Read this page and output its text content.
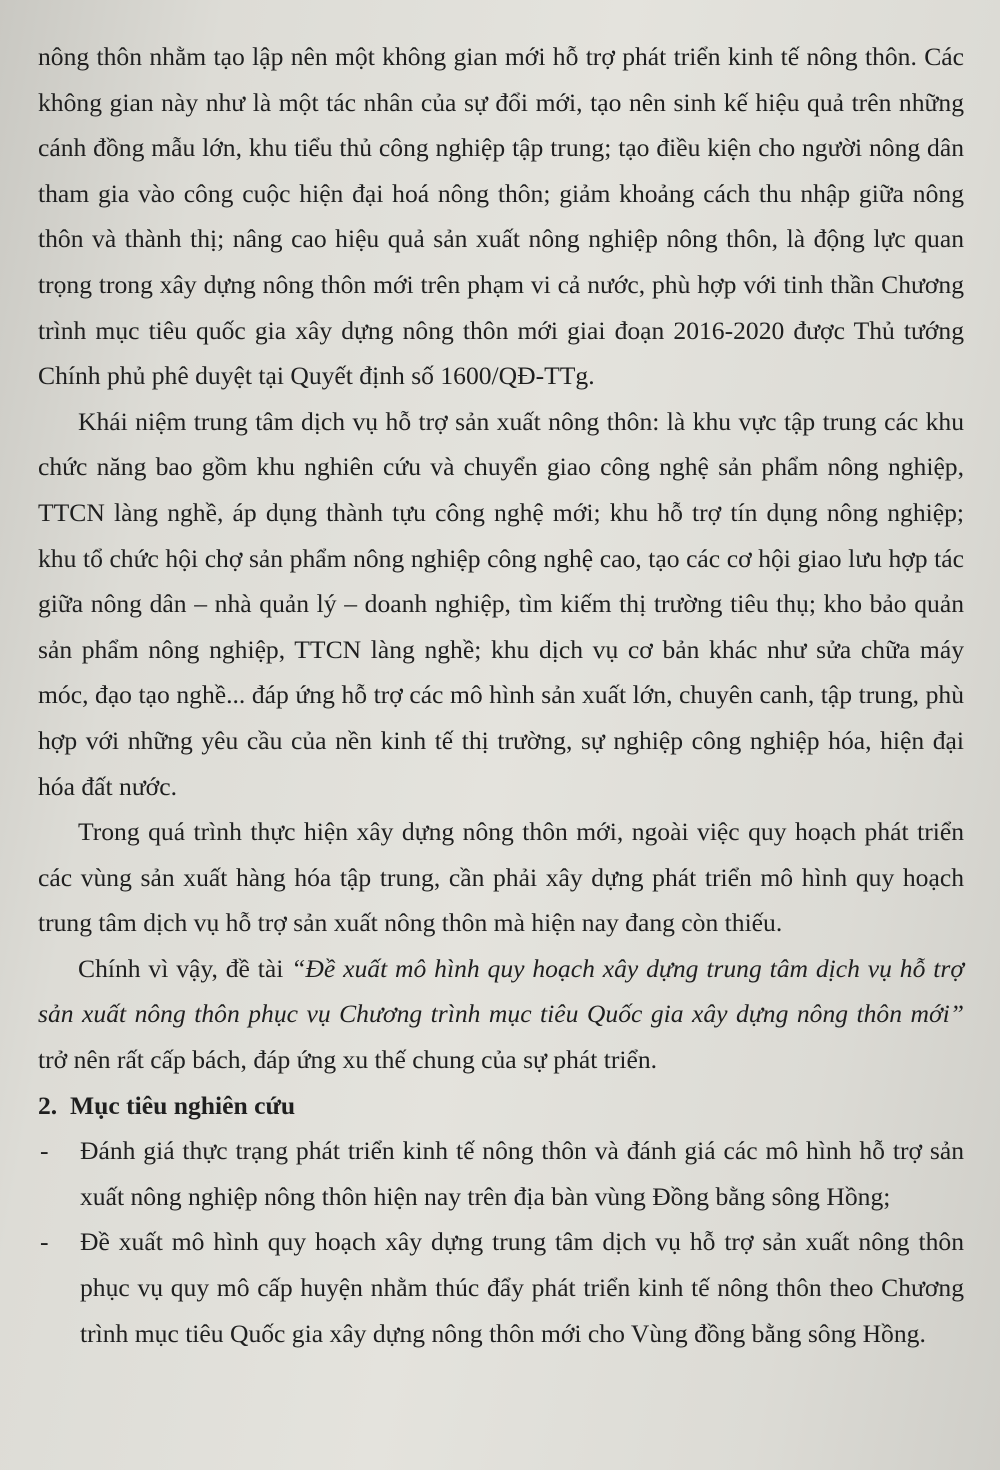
nông thôn nhằm tạo lập nên một không gian mới hỗ trợ phát triển kinh tế nông thôn. Các không gian này như là một tác nhân của sự đổi mới, tạo nên sinh kế hiệu quả trên những cánh đồng mẫu lớn, khu tiểu thủ công nghiệp tập trung; tạo điều kiện cho người nông dân tham gia vào công cuộc hiện đại hoá nông thôn; giảm khoảng cách thu nhập giữa nông thôn và thành thị; nâng cao hiệu quả sản xuất nông nghiệp nông thôn, là động lực quan trọng trong xây dựng nông thôn mới trên phạm vi cả nước, phù hợp với tinh thần Chương trình mục tiêu quốc gia xây dựng nông thôn mới giai đoạn 2016-2020 được Thủ tướng Chính phủ phê duyệt tại Quyết định số 1600/QĐ-TTg.

Khái niệm trung tâm dịch vụ hỗ trợ sản xuất nông thôn: là khu vực tập trung các khu chức năng bao gồm khu nghiên cứu và chuyển giao công nghệ sản phẩm nông nghiệp, TTCN làng nghề, áp dụng thành tựu công nghệ mới; khu hỗ trợ tín dụng nông nghiệp; khu tổ chức hội chợ sản phẩm nông nghiệp công nghệ cao, tạo các cơ hội giao lưu hợp tác giữa nông dân – nhà quản lý – doanh nghiệp, tìm kiếm thị trường tiêu thụ; kho bảo quản sản phẩm nông nghiệp, TTCN làng nghề; khu dịch vụ cơ bản khác như sửa chữa máy móc, đạo tạo nghề... đáp ứng hỗ trợ các mô hình sản xuất lớn, chuyên canh, tập trung, phù hợp với những yêu cầu của nền kinh tế thị trường, sự nghiệp công nghiệp hóa, hiện đại hóa đất nước.

Trong quá trình thực hiện xây dựng nông thôn mới, ngoài việc quy hoạch phát triển các vùng sản xuất hàng hóa tập trung, cần phải xây dựng phát triển mô hình quy hoạch trung tâm dịch vụ hỗ trợ sản xuất nông thôn mà hiện nay đang còn thiếu.

Chính vì vậy, đề tài “Đề xuất mô hình quy hoạch xây dựng trung tâm dịch vụ hỗ trợ sản xuất nông thôn phục vụ Chương trình mục tiêu Quốc gia xây dựng nông thôn mới” trở nên rất cấp bách, đáp ứng xu thế chung của sự phát triển.

2. Mục tiêu nghiên cứu

-	Đánh giá thực trạng phát triển kinh tế nông thôn và đánh giá các mô hình hỗ trợ sản xuất nông nghiệp nông thôn hiện nay trên địa bàn vùng Đồng bằng sông Hồng;
-	Đề xuất mô hình quy hoạch xây dựng trung tâm dịch vụ hỗ trợ sản xuất nông thôn phục vụ quy mô cấp huyện nhằm thúc đẩy phát triển kinh tế nông thôn theo Chương trình mục tiêu Quốc gia xây dựng nông thôn mới cho Vùng đồng bằng sông Hồng.
